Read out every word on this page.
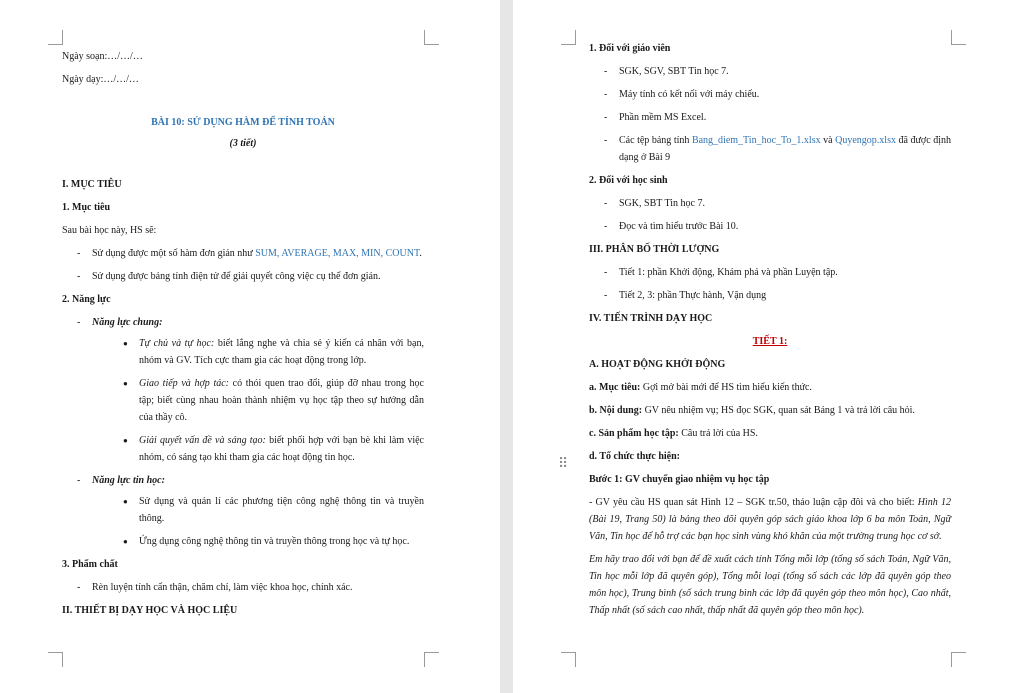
Ngày soạn:…/…/…

Ngày dạy:…/…/…

BÀI 10: SỬ DỤNG HÀM ĐỂ TÍNH TOÁN

(3 tiết)

I. MỤC TIÊU

1. Mục tiêu

Sau bài học này, HS sẽ:

- Sử dụng được một số hàm đơn giản như SUM, AVERAGE, MAX, MIN, COUNT.
- Sử dụng được bảng tính điện tử để giải quyết công việc cụ thể đơn giản.

2. Năng lực

- Năng lực chung:
● Tự chủ và tự học: biết lắng nghe và chia sẻ ý kiến cá nhân với bạn, nhóm và GV. Tích cực tham gia các hoạt động trong lớp.
● Giao tiếp và hợp tác: có thói quen trao đổi, giúp đỡ nhau trong học tập; biết cùng nhau hoàn thành nhiệm vụ học tập theo sự hướng dẫn của thầy cô.
● Giải quyết vấn đề và sáng tạo: biết phối hợp với bạn bè khi làm việc nhóm, có sáng tạo khi tham gia các hoạt động tin học.
- Năng lực tin học:
● Sử dụng và quản lí các phương tiện công nghệ thông tin và truyền thông.
● Ứng dụng công nghệ thông tin và truyền thông trong học và tự học.

3. Phẩm chất

- Rèn luyện tính cẩn thận, chăm chỉ, làm việc khoa học, chính xác.

II. THIẾT BỊ DẠY HỌC VÀ HỌC LIỆU

1. Đối với giáo viên

- SGK, SGV, SBT Tin học 7.
- Máy tính có kết nối với máy chiếu.
- Phần mềm MS Excel.
- Các tệp bảng tính Bang_diem_Tin_hoc_To_1.xlsx và Quyengop.xlsx đã được định dạng ở Bài 9

2. Đối với học sinh

- SGK, SBT Tin học 7.
- Đọc và tìm hiểu trước Bài 10.

III. PHÂN BỐ THỜI LƯỢNG

- Tiết 1: phần Khởi động, Khám phá và phần Luyện tập.
- Tiết 2, 3: phần Thực hành, Vận dụng

IV. TIẾN TRÌNH DẠY HỌC

TIẾT 1:

A. HOẠT ĐỘNG KHỞI ĐỘNG

a. Mục tiêu: Gợi mở bài mới để HS tìm hiểu kiến thức.

b. Nội dung: GV nêu nhiệm vụ; HS đọc SGK, quan sát Bảng 1 và trả lời câu hỏi.

c. Sản phẩm học tập: Câu trả lời của HS.

d. Tổ chức thực hiện:

Bước 1: GV chuyển giao nhiệm vụ học tập

- GV yêu cầu HS quan sát Hình 12 – SGK tr.50, thảo luận cặp đôi và cho biết: Hình 12 (Bài 19, Trang 50) là bảng theo dõi quyên góp sách giáo khoa lớp 6 ba môn Toán, Ngữ Văn, Tin học để hỗ trợ các bạn học sinh vùng khó khăn của một trường trung học cơ sở.

Em hãy trao đổi với bạn để đề xuất cách tính Tổng mỗi lớp (tổng số sách Toán, Ngữ Văn, Tin học mỗi lớp đã quyên góp), Tổng mỗi loại (tổng số sách các lớp đã quyên góp theo môn học), Trung bình (số sách trung bình các lớp đã quyên góp theo môn học), Cao nhất, Thấp nhất (số sách cao nhất, thấp nhất đã quyên góp theo môn học).

⠿
